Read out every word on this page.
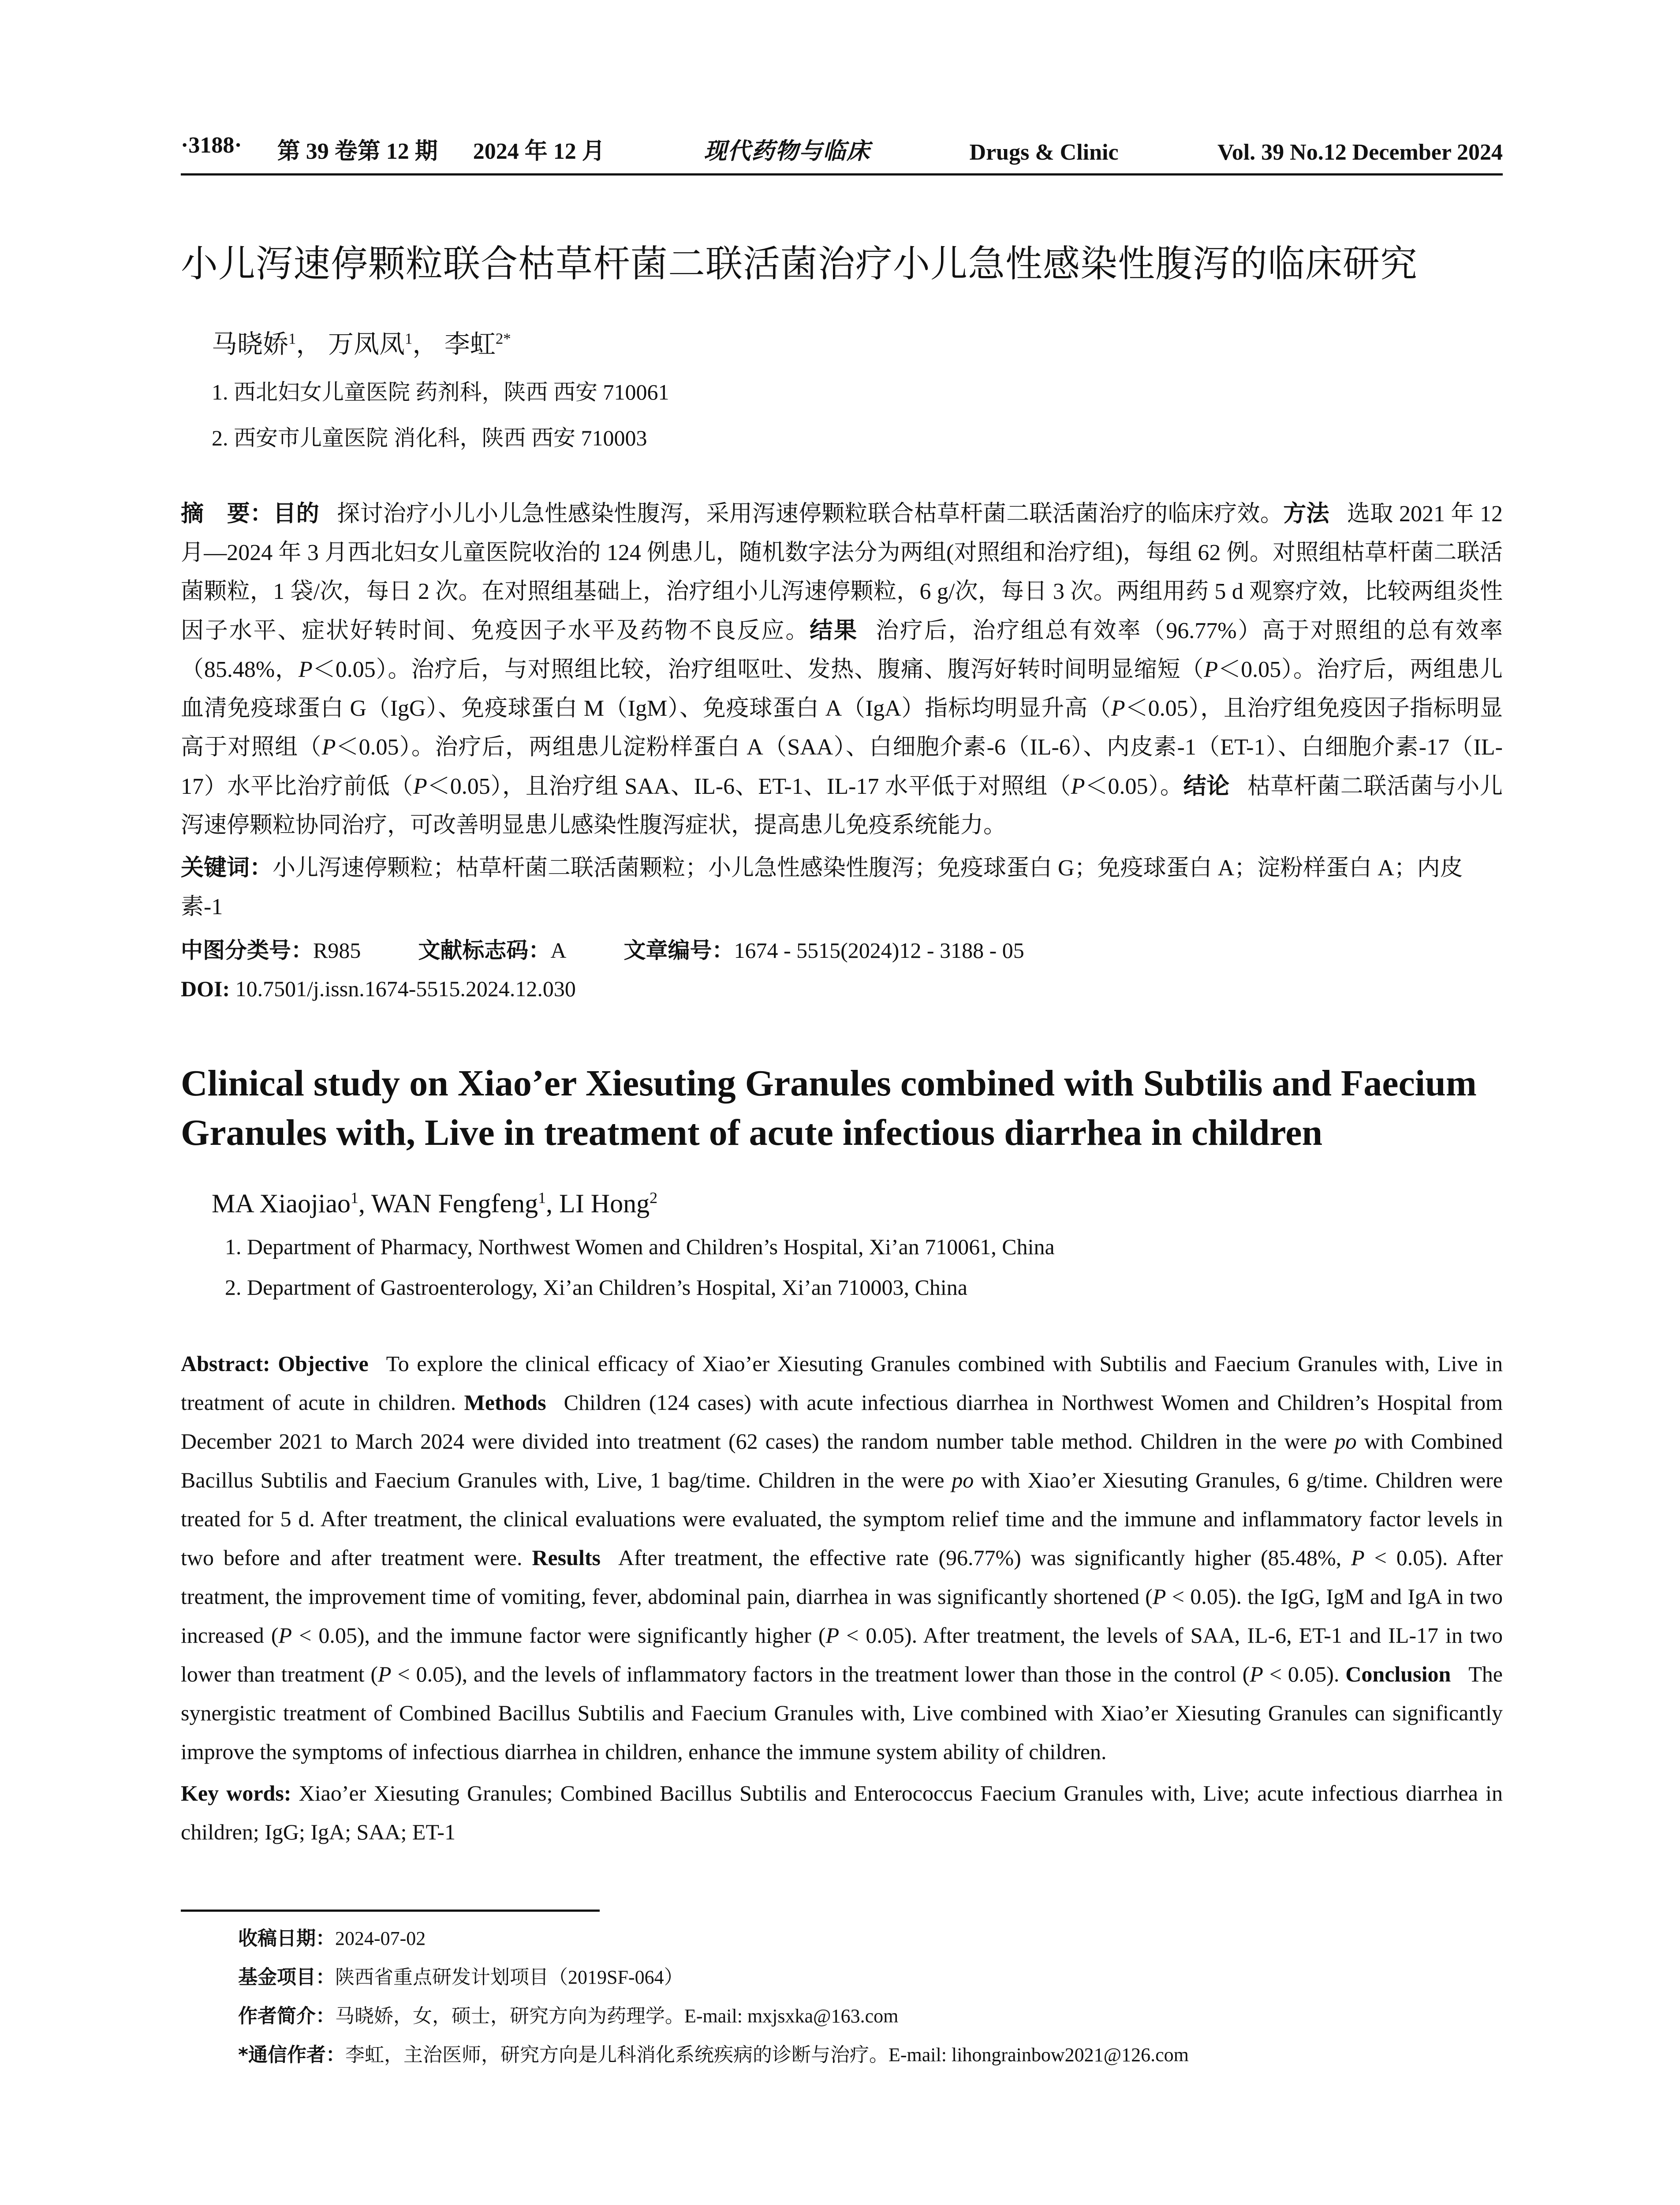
·3188· 第 39 卷第 12 期 2024 年 12 月	现代药物与临床	Drugs & Clinic	Vol. 39 No.12 December 2024
小儿泻速停颗粒联合枯草杆菌二联活菌治疗小儿急性感染性腹泻的临床研究
马晓娇$^1$， 万凤凤$^1$， 李虹$^{2*}$
1. 西北妇女儿童医院 药剂科，陕西 西安 710061
2. 西安市儿童医院 消化科，陕西 西安 710003
摘　要：目的 探讨治疗小儿小儿急性感染性腹泻，采用泻速停颗粒联合枯草杆菌二联活菌治疗的临床疗效。方法 选取 2021 年 12 月—2024 年 3 月西北妇女儿童医院收治的 124 例患儿，随机数字法分为两组(对照组和治疗组)，每组 62 例。对照组枯草杆菌二联活菌颗粒，1 袋/次，每日 2 次。在对照组基础上，治疗组小儿泻速停颗粒，6 g/次，每日 3 次。两组用药 5 d 观察疗效，比较两组炎性因子水平、症状好转时间、免疫因子水平及药物不良反应。结果 治疗后，治疗组总有效率（96.77%）高于对照组的总有效率（85.48%，P＜0.05）。治疗后，与对照组比较，治疗组呕吐、发热、腹痛、腹泻好转时间明显缩短（P＜0.05）。治疗后，两组患儿血清免疫球蛋白 G（IgG）、免疫球蛋白 M（IgM）、免疫球蛋白 A（IgA）指标均明显升高（P＜0.05），且治疗组免疫因子指标明显高于对照组（P＜0.05）。治疗后，两组患儿淀粉样蛋白 A（SAA）、白细胞介素-6（IL-6）、内皮素-1（ET-1）、白细胞介素-17（IL-17）水平比治疗前低（P＜0.05），且治疗组 SAA、IL-6、ET-1、IL-17 水平低于对照组（P＜0.05）。结论 枯草杆菌二联活菌与小儿泻速停颗粒协同治疗，可改善明显患儿感染性腹泻症状，提高患儿免疫系统能力。
关键词：小儿泻速停颗粒；枯草杆菌二联活菌颗粒；小儿急性感染性腹泻；免疫球蛋白 G；免疫球蛋白 A；淀粉样蛋白 A；内皮素-1
中图分类号：R985	文献标志码：A	文章编号：1674 - 5515(2024)12 - 3188 - 05
DOI: 10.7501/j.issn.1674-5515.2024.12.030
Clinical study on Xiao’er Xiesuting Granules combined with Subtilis and Faecium Granules with, Live in treatment of acute infectious diarrhea in children
MA Xiaojiao$^1$, WAN Fengfeng$^1$, LI Hong$^2$
1. Department of Pharmacy, Northwest Women and Children’s Hospital, Xi’an 710061, China
2. Department of Gastroenterology, Xi’an Children’s Hospital, Xi’an 710003, China
Abstract: Objective To explore the clinical efficacy of Xiao’er Xiesuting Granules combined with Subtilis and Faecium Granules with, Live in treatment of acute in children. Methods Children (124 cases) with acute infectious diarrhea in Northwest Women and Children’s Hospital from December 2021 to March 2024 were divided into treatment (62 cases) the random number table method. Children in the were po with Combined Bacillus Subtilis and Faecium Granules with, Live, 1 bag/time. Children in the were po with Xiao’er Xiesuting Granules, 6 g/time. Children were treated for 5 d. After treatment, the clinical evaluations were evaluated, the symptom relief time and the immune and inflammatory factor levels in two before and after treatment were. Results After treatment, the effective rate (96.77%) was significantly higher (85.48%, P < 0.05). After treatment, the improvement time of vomiting, fever, abdominal pain, diarrhea in was significantly shortened (P < 0.05). the IgG, IgM and IgA in two increased (P < 0.05), and the immune factor were significantly higher (P < 0.05). After treatment, the levels of SAA, IL-6, ET-1 and IL-17 in two lower than treatment (P < 0.05), and the levels of inflammatory factors in the treatment lower than those in the control (P < 0.05). Conclusion The synergistic treatment of Combined Bacillus Subtilis and Faecium Granules with, Live combined with Xiao’er Xiesuting Granules can significantly improve the symptoms of infectious diarrhea in children, enhance the immune system ability of children.
Key words: Xiao’er Xiesuting Granules; Combined Bacillus Subtilis and Enterococcus Faecium Granules with, Live; acute infectious diarrhea in children; IgG; IgA; SAA; ET-1
收稿日期：2024-07-02
基金项目：陕西省重点研发计划项目（2019SF-064）
作者简介：马晓娇，女，硕士，研究方向为药理学。E-mail: mxjsxka@163.com
*通信作者：李虹，主治医师，研究方向是儿科消化系统疾病的诊断与治疗。E-mail: lihongrainbow2021@126.com
